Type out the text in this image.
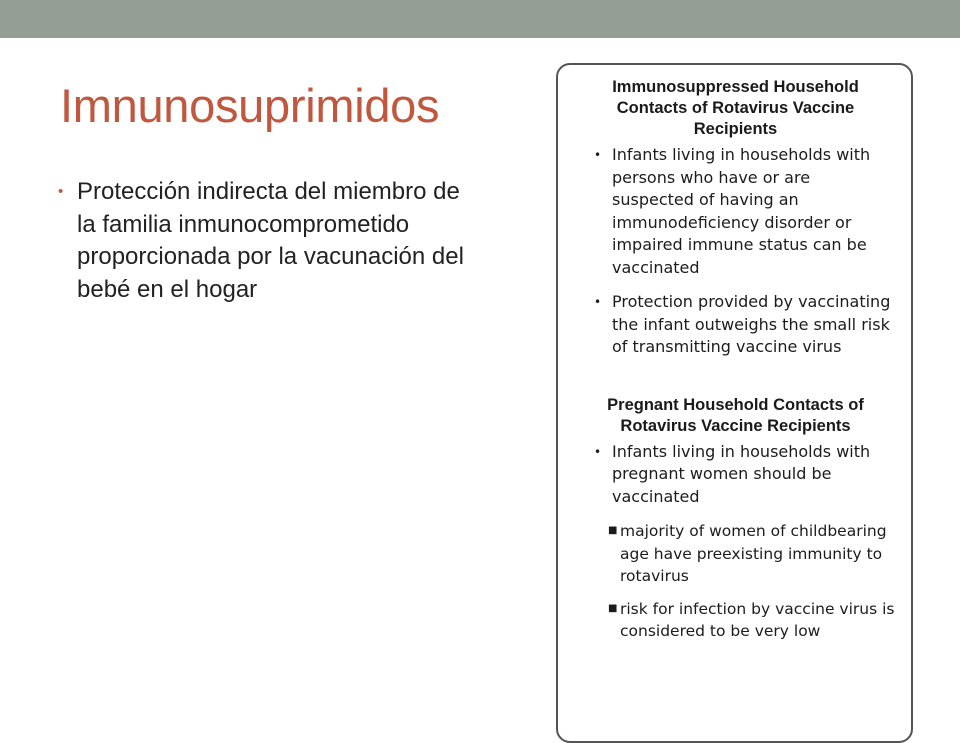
Imnunosuprimidos
• Protección indirecta del miembro de la familia inmunocomprometido proporcionada por la vacunación del bebé en el hogar
Immunosuppressed Household Contacts of Rotavirus Vaccine Recipients
• Infants living in households with persons who have or are suspected of having an immunodeficiency disorder or impaired immune status can be vaccinated
• Protection provided by vaccinating the infant outweighs the small risk of transmitting vaccine virus
Pregnant Household Contacts of Rotavirus Vaccine Recipients
• Infants living in households with pregnant women should be vaccinated
■ majority of women of childbearing age have preexisting immunity to rotavirus
■ risk for infection by vaccine virus is considered to be very low
